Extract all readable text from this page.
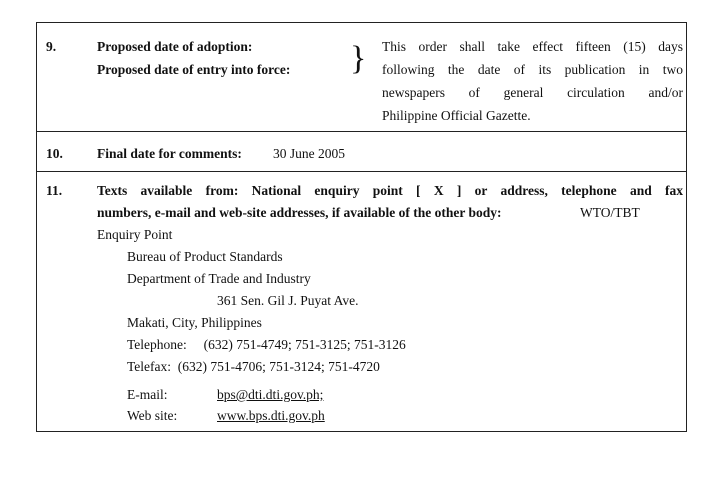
9.	Proposed date of adoption:
Proposed date of entry into force: } This order shall take effect fifteen (15) days
following the date of its publication in two
newspapers of general circulation and/or
Philippine Official Gazette.
10.	Final date for comments: 30 June 2005
11.	Texts available from: National enquiry point [ X ] or address, telephone and fax
numbers, e-mail and web-site addresses, if available of the other body:	WTO/TBT
Enquiry Point
Bureau of Product Standards
Department of Trade and Industry
361 Sen. Gil J. Puyat Ave.
Makati, City, Philippines
Telephone:     (632) 751-4749; 751-3125; 751-3126
Telefax:  (632) 751-4706; 751-3124; 751-4720
E-mail:	bps@dti.dti.gov.ph;
Web site:	www.bps.dti.gov.ph
